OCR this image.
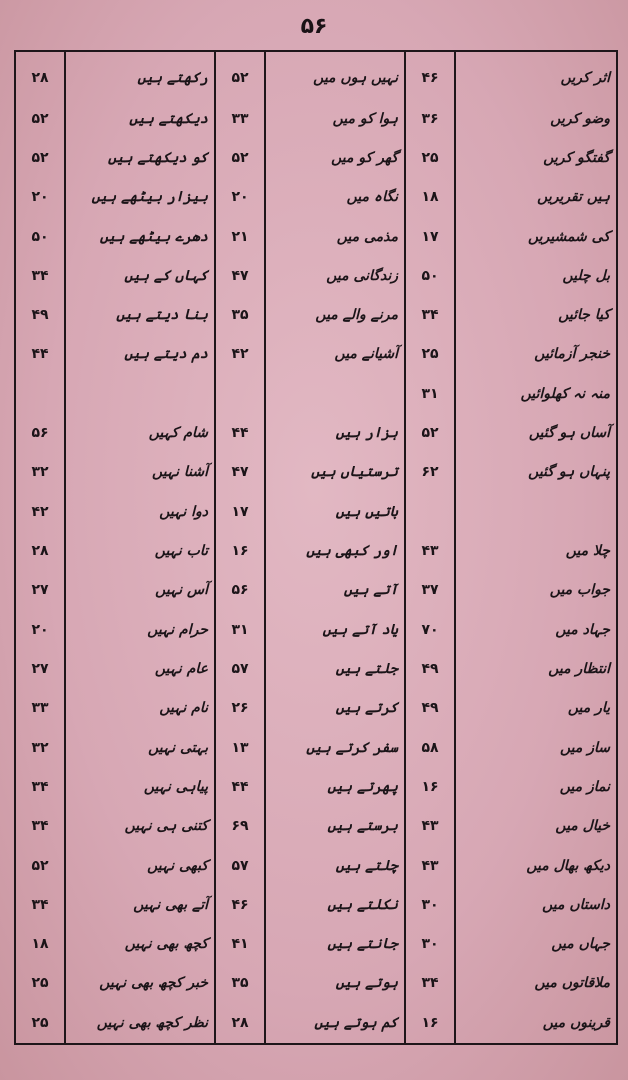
۵۶
۲۸	رکھتے ہیں	۵۲	نہیں ہوں میں	۴۶	اثر کریں
۵۲	دیکھتے ہیں	۳۳	ہوا کو میں	۳۶	وضو کریں
۵۲	کو دیکھتے ہیں	۵۲	گھر کو میں	۲۵	گفتگو کریں
۲۰	بیزار بیٹھے ہیں	۲۰	نگاہ میں	۱۸	ہیں تقریریں
۵۰	دھرے بیٹھے ہیں	۲۱	مذمی میں	۱۷	کی شمشیریں
۳۴	کہاں کے ہیں	۴۷	زندگانی میں	۵۰	بل چلیں
۴۹	بنا دیتے ہیں	۳۵	مرنے والے میں	۳۴	کیا جائیں
۴۴	دم دیتے ہیں	۴۲	آشیانے میں	۲۵	خنجر آزمائیں
				۳۱	منہ نہ کھلوائیں
۵۶	شام کہیں	۴۴	ہزار ہیں	۵۲	آساں ہو گئیں
۳۲	آشنا نہیں	۴۷	ترستیاں ہیں	۶۲	پنہاں ہو گئیں
۴۲	دوا نہیں	۱۷	باتیں ہیں		
۲۸	تاب نہیں	۱۶	اور کبھی ہیں	۴۳	چلا میں
۲۷	آس نہیں	۵۶	آتے ہیں	۳۷	جواب میں
۲۰	حرام نہیں	۳۱	یاد آتے ہیں	۷۰	جہاد میں
۲۷	عام نہیں	۵۷	جلتے ہیں	۴۹	انتظار میں
۳۳	نام نہیں	۲۶	کرتے ہیں	۴۹	یار میں
۳۲	بہتی نہیں	۱۳	سفر کرتے ہیں	۵۸	ساز میں
۳۴	پیاہی نہیں	۴۴	پھرتے ہیں	۱۶	نماز میں
۳۴	کتنی ہی نہیں	۶۹	برستے ہیں	۴۳	خیال میں
۵۲	کبھی نہیں	۵۷	چلتے ہیں	۴۳	دیکھ بھال میں
۳۴	آتے بھی نہیں	۴۶	نکلتے ہیں	۳۰	داستاں میں
۱۸	کچھ بھی نہیں	۴۱	جانتے ہیں	۳۰	جہاں میں
۲۵	خبر کچھ بھی نہیں	۳۵	ہوتے ہیں	۳۴	ملاقاتوں میں
۲۵	نظر کچھ بھی نہیں	۲۸	کم ہوتے ہیں	۱۶	قرینوں میں
